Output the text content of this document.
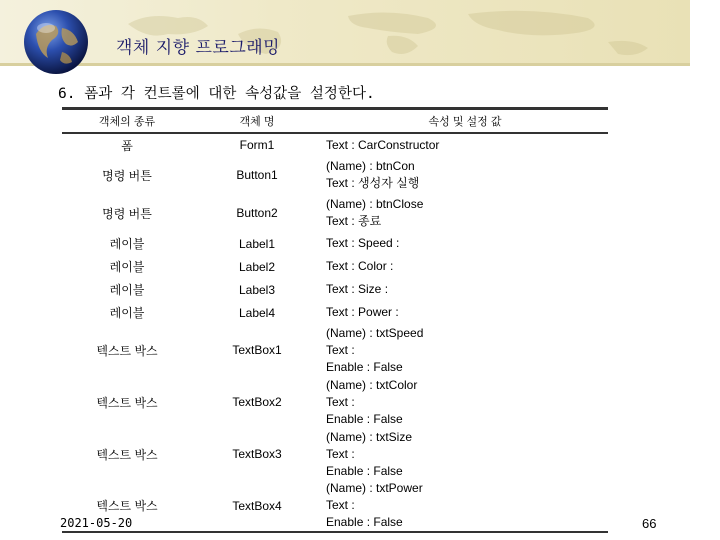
객체 지향 프로그래밍
6. 폼과 각 컨트롤에 대한 속성값을 설정한다.
객체의 종류	객체 명	속성 및 설정 값
폼	Form1	Text : CarConstructor
명령 버튼	Button1	(Name) : btnCon
Text : 생성자 실행
명령 버튼	Button2	(Name) : btnClose
Text : 종료
레이블	Label1	Text : Speed :
레이블	Label2	Text : Color :
레이블	Label3	Text : Size :
레이블	Label4	Text : Power :
텍스트 박스	TextBox1	(Name) : txtSpeed
Text :
Enable : False
텍스트 박스	TextBox2	(Name) : txtColor
Text :
Enable : False
텍스트 박스	TextBox3	(Name) : txtSize
Text :
Enable : False
텍스트 박스	TextBox4	(Name) : txtPower
Text :
Enable : False
2021-05-20	66
